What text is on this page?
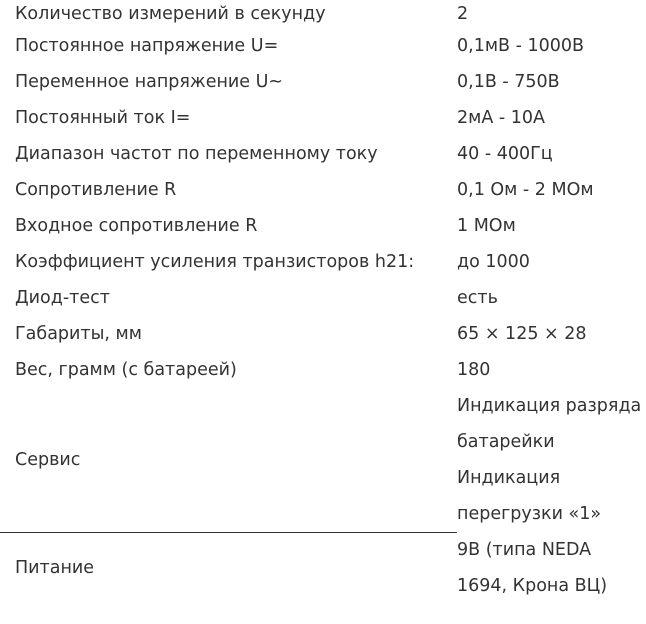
Количество измерений в секунду	2

Постоянное напряжение U=	0,1мВ - 1000В

Переменное напряжение U~	0,1В - 750В

Постоянный ток I=	2мА - 10А

Диапазон частот по переменному току	40 - 400Гц

Сопротивление R	0,1 Ом - 2 МОм

Входное сопротивление R	1 МОм

Коэффициент усиления транзисторов h21:	до 1000

Диод-тест	есть

Габариты, мм	65 × 125 × 28

Вес, грамм (с батареей)	180

Сервис	Индикация разряда
батарейки
Индикация
перегрузки «1»

Питание	9В (типа NEDA
1694, Крона ВЦ)
